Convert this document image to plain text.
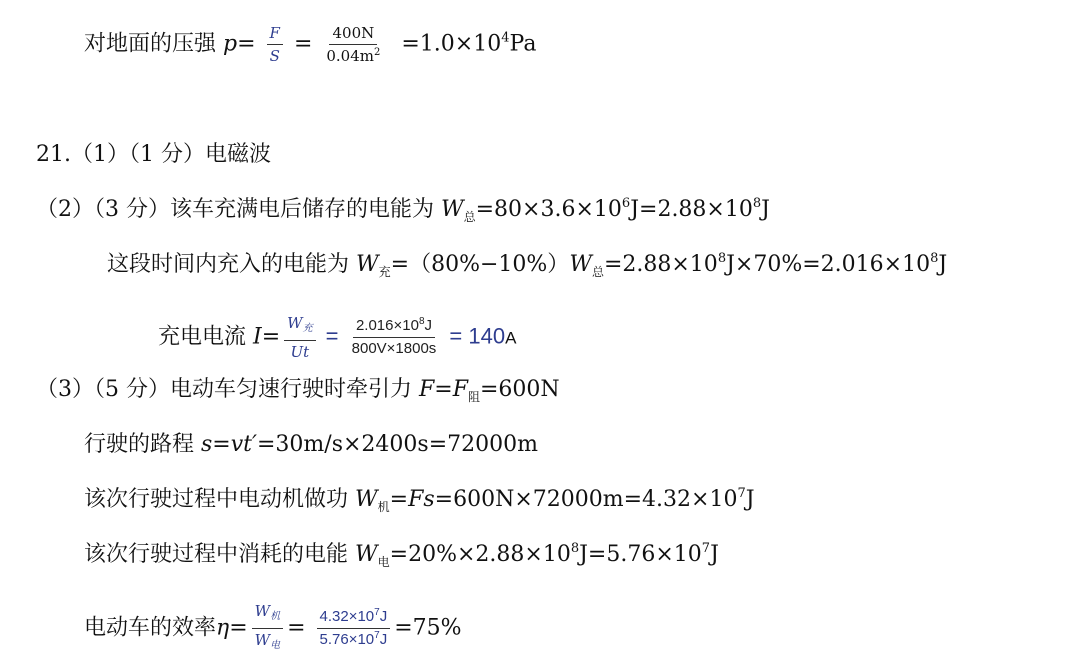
对地面的压强 $p= \frac{F}{S} = \frac{400N}{0.04m^2} =1.0\times 10^4Pa$
21.（1）（1 分）电磁波
（2）（3 分）该车充满电后储存的电能为 $W_总=80\times 3.6\times 10^6J=2.88\times 10^8J$
这段时间内充入的电能为 $W_充=(80\%-10\%)W_总=2.88\times 10^8J\times 70\%=2.016\times 10^8J$
充电电流 $I= \frac{W_充}{Ut} = \frac{2.016\times 10^8J}{800V\times 1800s} = 140A$
（3）（5 分）电动车匀速行驶时牵引力 $F=F_阻=600N$
行驶的路程 s=vt′=30m/s×2400s=72000m
该次行驶过程中电动机做功 $W_机=Fs=600N\times 72000m=4.32\times 10^7J$
该次行驶过程中消耗的电能 $W_电=20\%\times 2.88\times 10^8J=5.76\times 10^7J$
电动车的效率$\eta= \frac{W_机}{W_电} = \frac{4.32\times 10^7J}{5.76\times 10^7J} =75\%$
